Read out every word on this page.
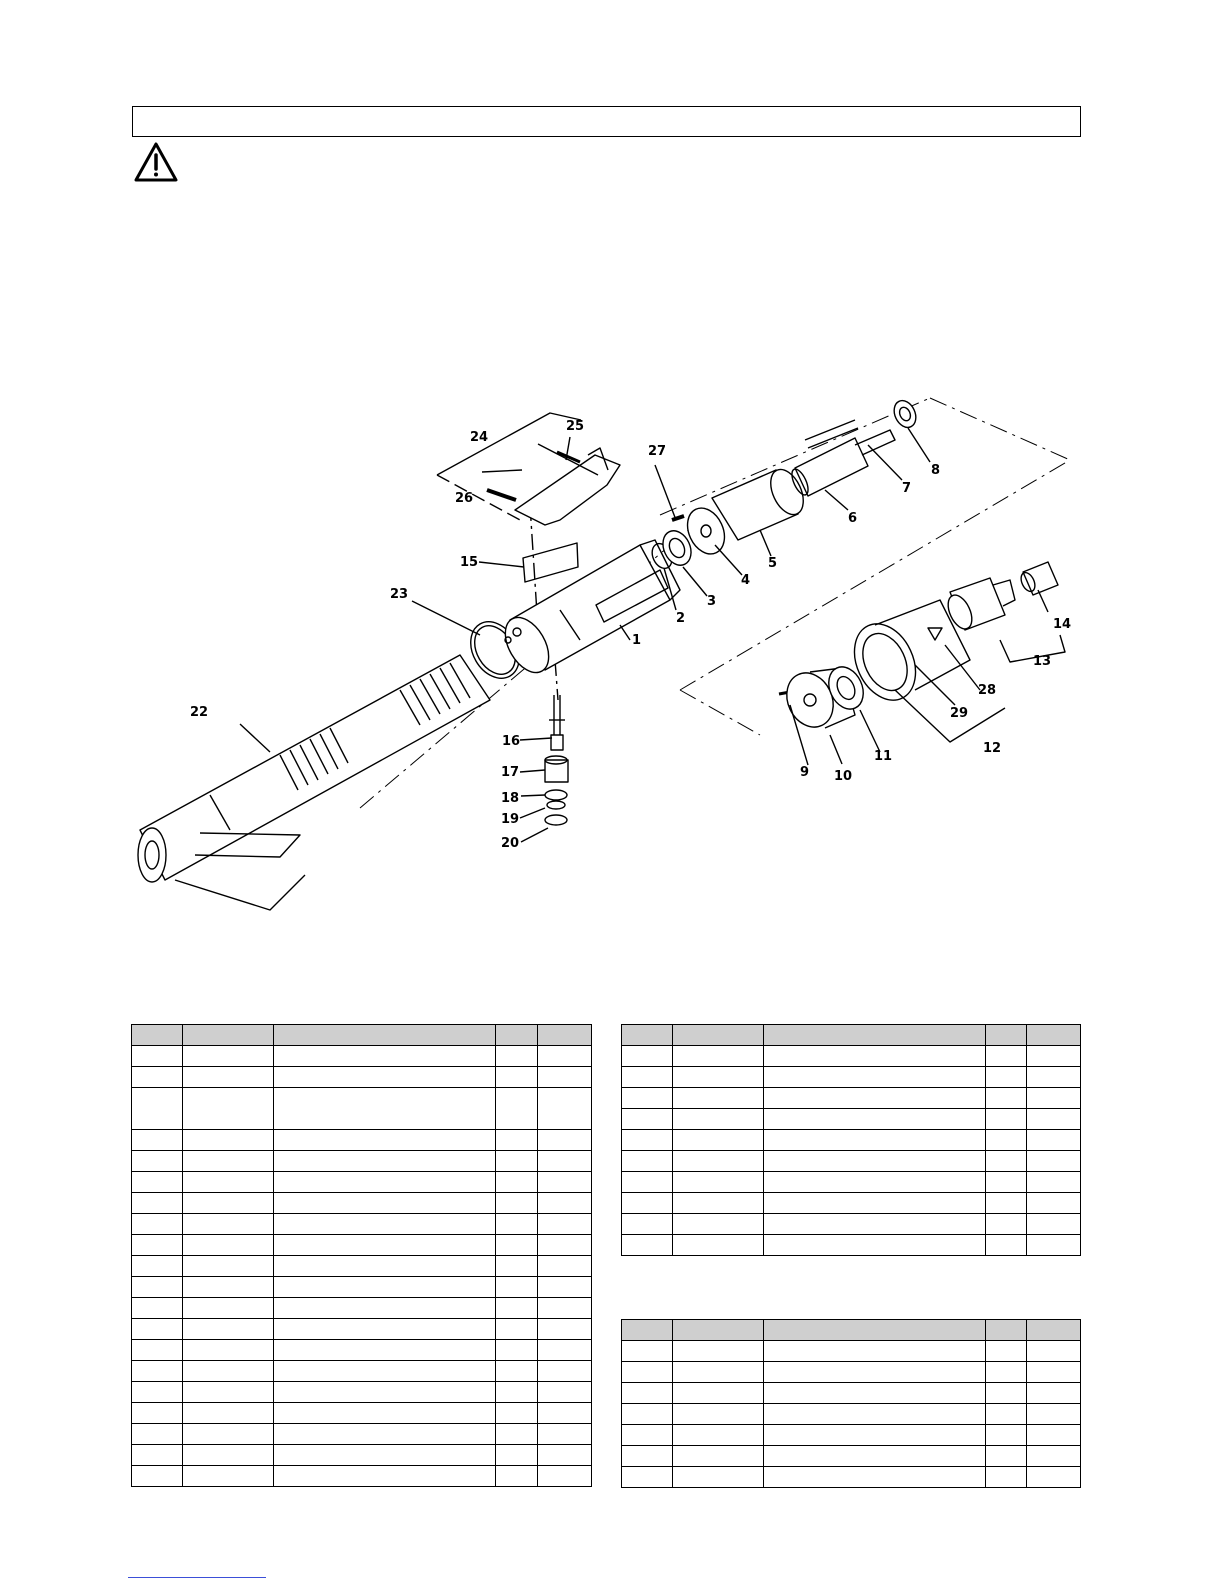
1
2
3
4
5
6
7
8
9 10
11
12
13
14
15
16
17
18
19
20
22
23
24
25
26
27
28
29
